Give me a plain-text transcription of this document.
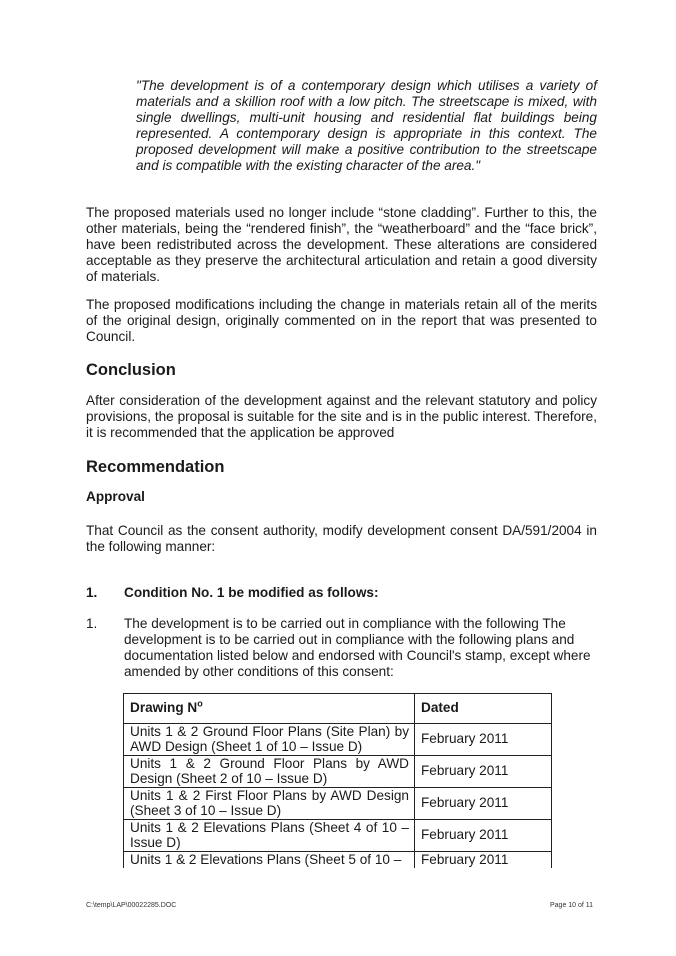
"The development is of a contemporary design which utilises a variety of materials and a skillion roof with a low pitch. The streetscape is mixed, with single dwellings, multi-unit housing and residential flat buildings being represented. A contemporary design is appropriate in this context. The proposed development will make a positive contribution to the streetscape and is compatible with the existing character of the area."
The proposed materials used no longer include “stone cladding”. Further to this, the other materials, being the “rendered finish”, the “weatherboard” and the “face brick”, have been redistributed across the development. These alterations are considered acceptable as they preserve the architectural articulation and retain a good diversity of materials.
The proposed modifications including the change in materials retain all of the merits of the original design, originally commented on in the report that was presented to Council.
Conclusion
After consideration of the development against and the relevant statutory and policy provisions, the proposal is suitable for the site and is in the public interest. Therefore, it is recommended that the application be approved
Recommendation
Approval
That Council as the consent authority, modify development consent DA/591/2004 in the following manner:
1. Condition No. 1 be modified as follows:
1. The development is to be carried out in compliance with the following The development is to be carried out in compliance with the following plans and documentation listed below and endorsed with Council's stamp, except where amended by other conditions of this consent:
Drawing $N^o$	Dated
Units 1 & 2 Ground Floor Plans (Site Plan) by AWD Design (Sheet 1 of 10 – Issue D)	February 2011
Units 1 & 2 Ground Floor Plans by AWD Design (Sheet 2 of 10 – Issue D)	February 2011
Units 1 & 2 First Floor Plans by AWD Design (Sheet 3 of 10 – Issue D)	February 2011
Units 1 & 2 Elevations Plans (Sheet 4 of 10 – Issue D)	February 2011
Units 1 & 2 Elevations Plans (Sheet 5 of 10 –	February 2011
C:\temp\LAP\00022285.DOC	Page 10 of 11
